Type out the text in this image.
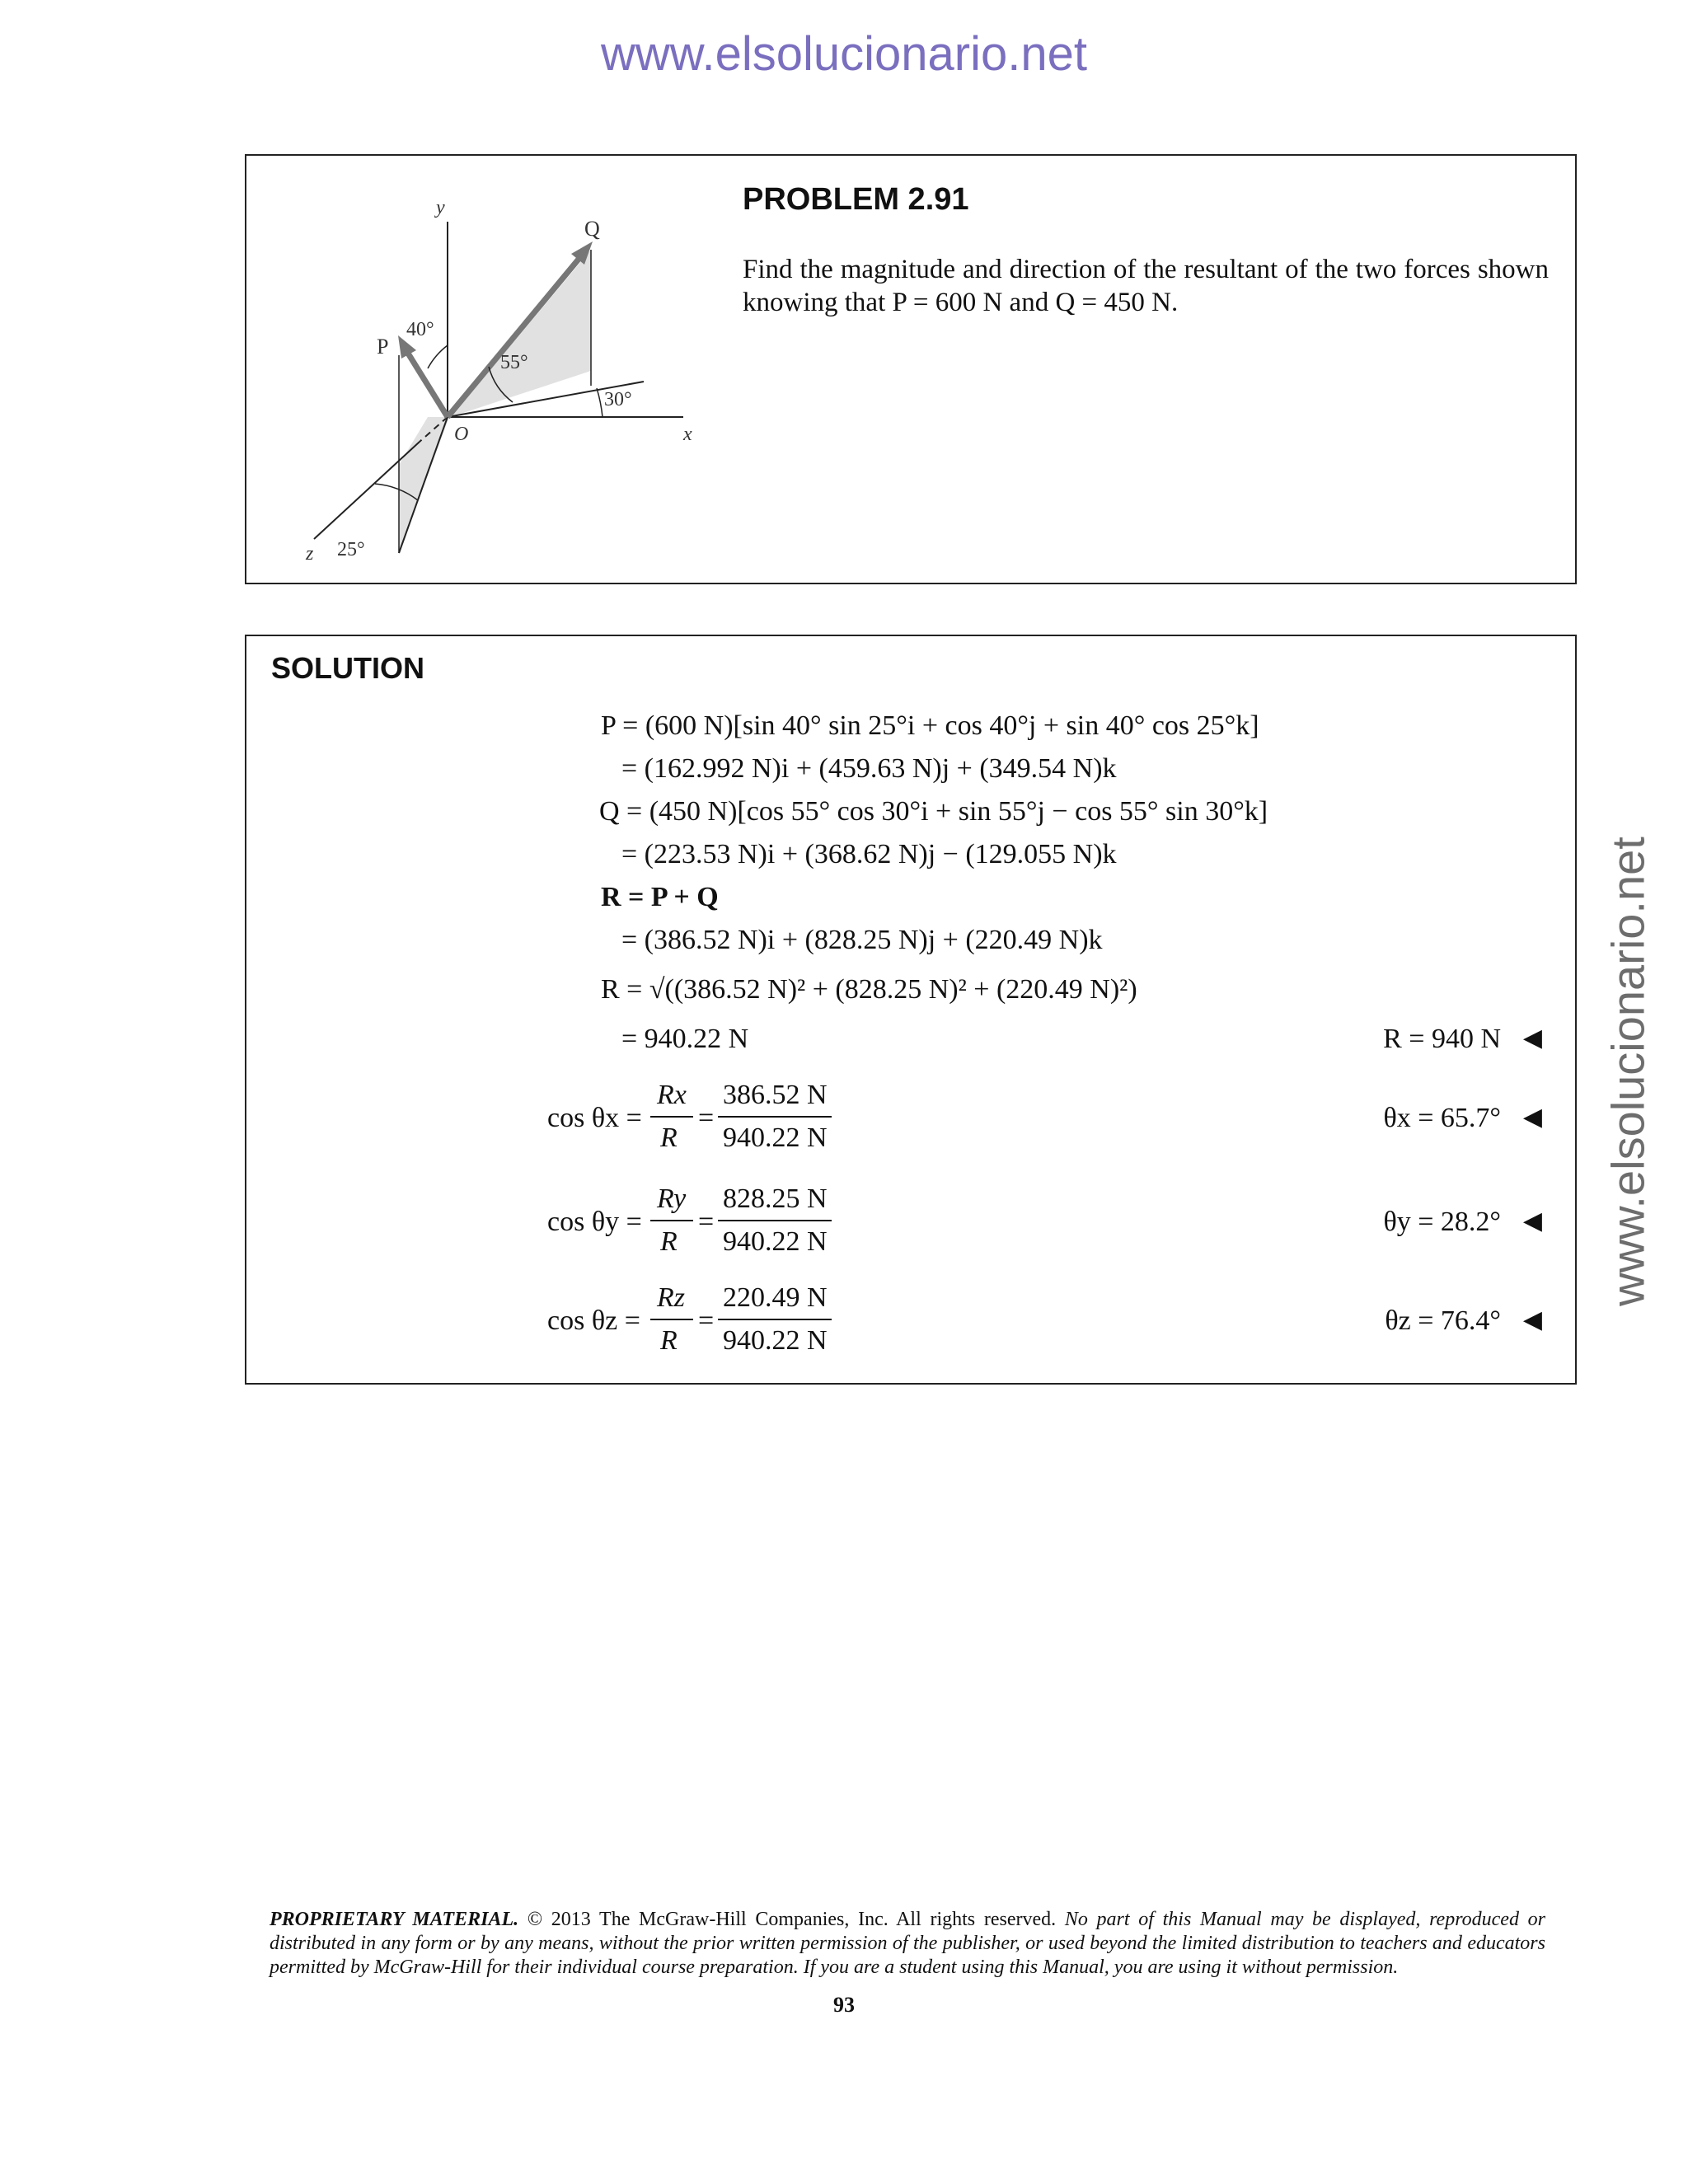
www.elsolucionario.net
www.elsolucionario.net
y
x
z
O
P
Q
40°
55°
30°
25°
PROBLEM 2.91
Find the magnitude and direction of the resultant of the two forces shown knowing that P = 600 N and Q = 450 N.
SOLUTION
P = (600 N)[sin 40° sin 25°i + cos 40°j + sin 40° cos 25°k]
= (162.992 N)i + (459.63 N)j + (349.54 N)k
Q = (450 N)[cos 55° cos 30°i + sin 55°j − cos 55° sin 30°k]
= (223.53 N)i + (368.62 N)j − (129.055 N)k
R = P + Q
= (386.52 N)i + (828.25 N)j + (220.49 N)k
R = √((386.52 N)² + (828.25 N)² + (220.49 N)²)
= 940.22 N	R = 940 N ◀
cos θx =
Rx
R
=
386.52 N
940.22 N
θx = 65.7° ◀
cos θy =
Ry
R
=
828.25 N
940.22 N
θy = 28.2° ◀
cos θz =
Rz
R
=
220.49 N
940.22 N
θz = 76.4° ◀
PROPRIETARY MATERIAL. © 2013 The McGraw-Hill Companies, Inc. All rights reserved. No part of this Manual may be displayed, reproduced or distributed in any form or by any means, without the prior written permission of the publisher, or used beyond the limited distribution to teachers and educators permitted by McGraw-Hill for their individual course preparation. If you are a student using this Manual, you are using it without permission.
93
